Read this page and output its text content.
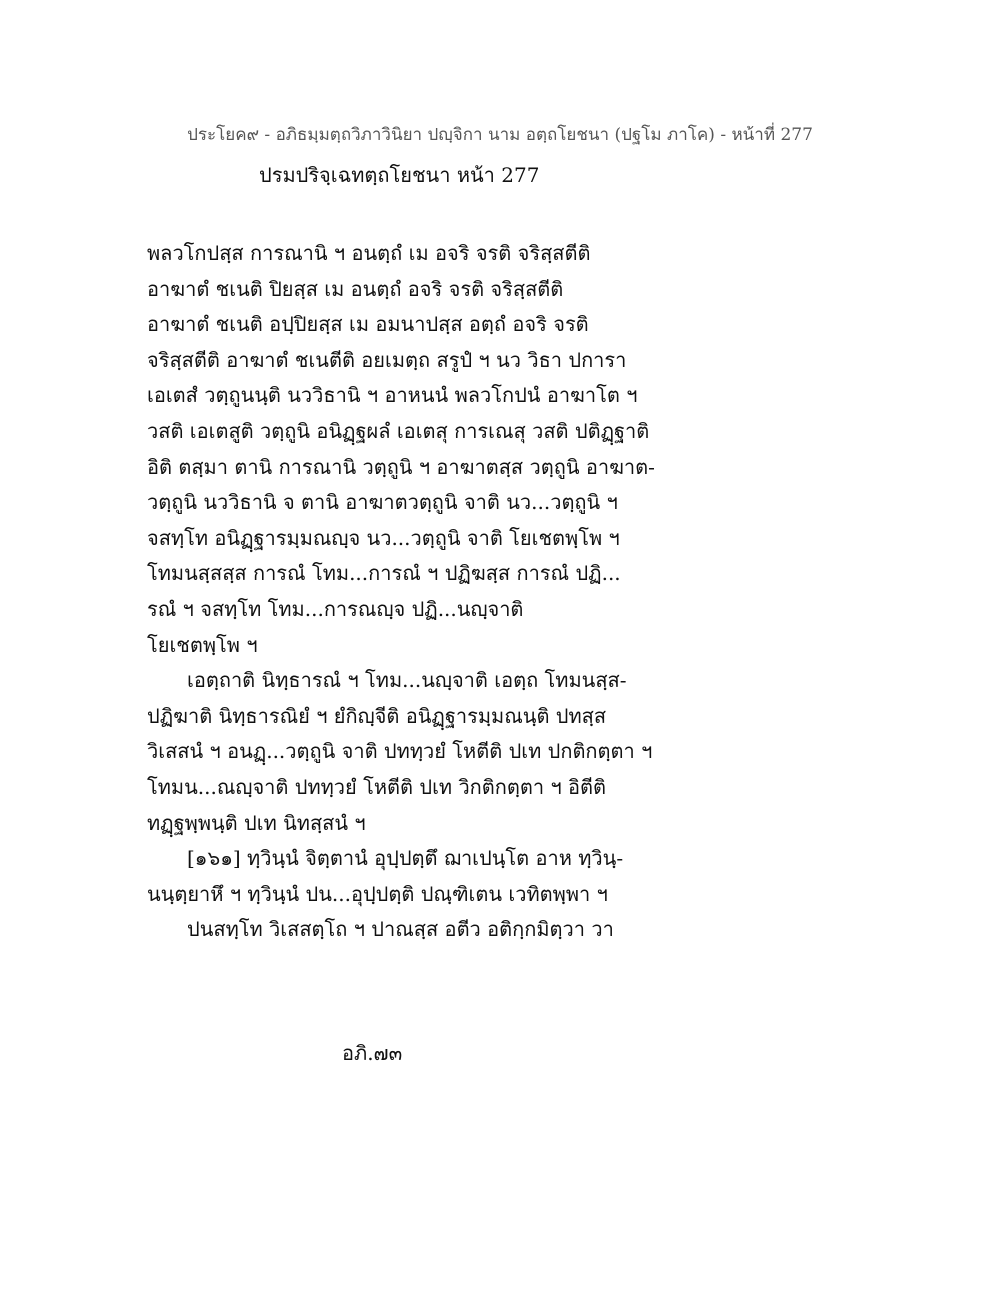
ประโยค๙ - อภิธมฺมตฺถวิภาวินิยา ปญฺจิกา นาม อตฺถโยชนา (ปฐโม ภาโค) - หน้าที่ 277
ปรมปริจฺเฉทตฺถโยชนา หน้า 277
พลวโกปสฺส การณานิ ฯ อนตฺถํ เม อจริ จรติ จริสฺสตีติ
อาฆาตํ ชเนติ ปิยสฺส เม อนตฺถํ อจริ จรติ จริสฺสตีติ
อาฆาตํ ชเนติ อปฺปิยสฺส เม อมนาปสฺส อตฺถํ อจริ จรติ
จริสฺสตีติ อาฆาตํ ชเนตีติ อยเมตฺถ สรูปํ ฯ นว วิธา ปการา
เอเตสํ วตฺถูนนฺติ นววิธานิ ฯ อาหนนํ พลวโกปนํ อาฆาโต ฯ
วสติ เอเตสูติ วตฺถูนิ อนิฏฺฐผลํ เอเตสุ การเณสุ วสติ ปติฏฺฐาติ
อิติ ตสฺมา ตานิ การณานิ วตฺถูนิ ฯ อาฆาตสฺส วตฺถูนิ อาฆาต-
วตฺถูนิ นววิธานิ จ ตานิ อาฆาตวตฺถูนิ จาติ นว...วตฺถูนิ ฯ
จสทฺโท อนิฏฺฐารมฺมณญฺจ นว...วตฺถูนิ จาติ โยเชตพฺโพ ฯ
โทมนสฺสสฺส การณํ โทม...การณํ ฯ ปฏิฆสฺส การณํ ปฏิ...
รณํ ฯ จสทฺโท โทม...การณญฺจ ปฏิ...นญฺจาติ
โยเชตพฺโพ ฯ
เอตฺถาติ นิทฺธารณํ ฯ โทม...นญฺจาติ เอตฺถ โทมนสฺส-
ปฏิฆาติ นิทฺธารณิยํ ฯ ยํกิญฺจีติ อนิฏฺฐารมฺมณนฺติ ปทสฺส
วิเสสนํ ฯ อนฏฺ...วตฺถูนิ จาติ ปททฺวยํ โหตีติ ปเท ปกติกตฺตา ฯ
โทมน...ณญฺจาติ ปททฺวยํ โหตีติ ปเท วิกติกตฺตา ฯ อิตีติ
ทฏฺฐพฺพนฺติ ปเท นิทสฺสนํ ฯ
[๑๖๑] ทฺวินฺนํ จิตฺตานํ อุปฺปตฺตึ ฌาเปนฺโต อาห ทฺวินฺ-
นนฺตฺยาหึ ฯ ทฺวินฺนํ ปน...อุปฺปตฺติ ปณฺฑิเตน เวทิตพฺพา ฯ
ปนสทฺโท วิเสสตฺโถ ฯ ปาณสฺส อตีว อติกฺกมิตฺวา วา
อภิ.๗๓
